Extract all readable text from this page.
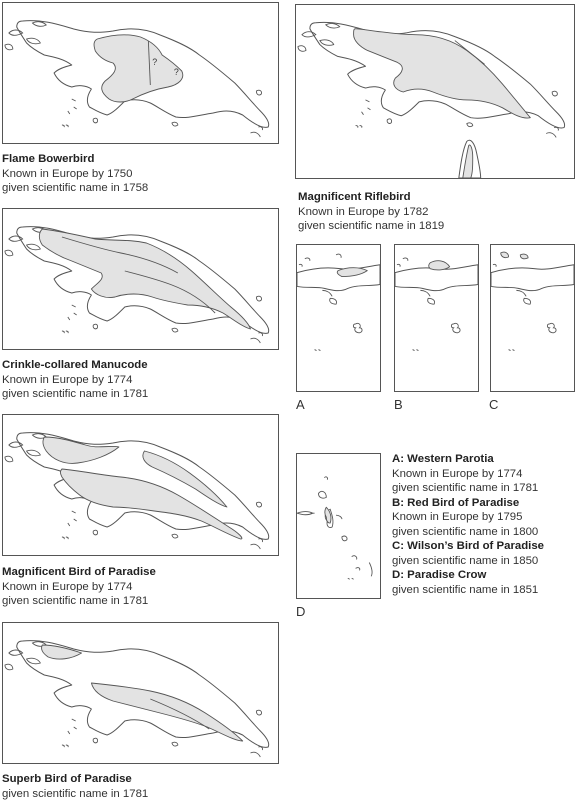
?
?
Flame Bowerbird
Known in Europe by 1750
given scientific name in 1758
Crinkle-collared Manucode
Known in Europe by 1774
given scientific name in 1781
Magnificent Bird of Paradise
Known in Europe by 1774
given scientific name in 1781
Superb Bird of Paradise
given scientific name in 1781
Magnificent Riflebird
Known in Europe by 1782
given scientific name in 1819
A	B	C
D
A: Western Parotia
Known in Europe by 1774
given scientific name in 1781
B: Red Bird of Paradise
Known in Europe by 1795
given scientific name in 1800
C: Wilson’s Bird of Paradise
given scientific name in 1850
D: Paradise Crow
given scientific name in 1851
